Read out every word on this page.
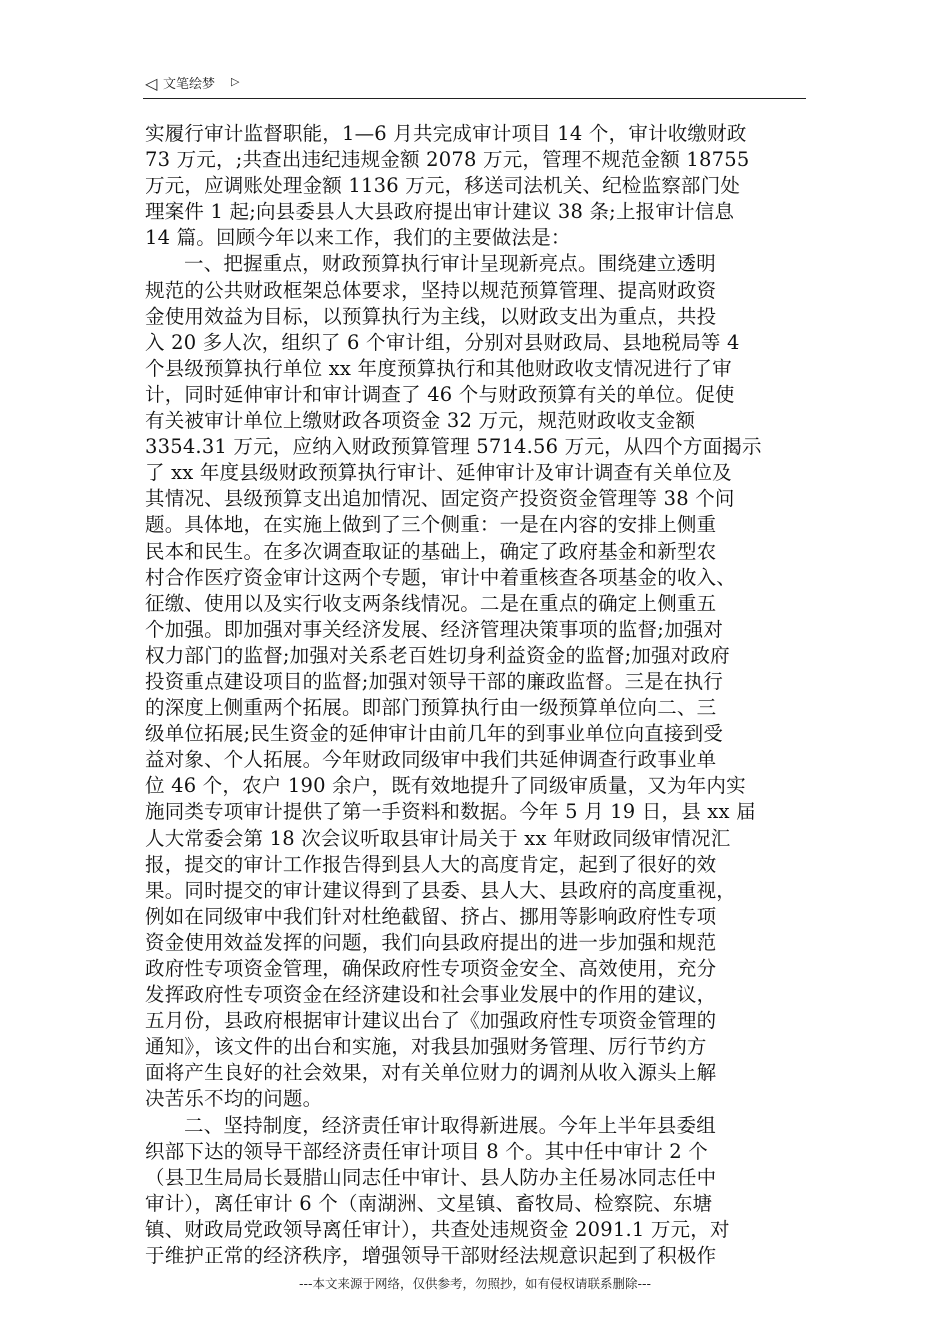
◁ 文笔绘梦 ▷

实履行审计监督职能，1—6 月共完成审计项目 14 个，审计收缴财政

73 万元，;共查出违纪违规金额 2078 万元，管理不规范金额 18755

万元，应调账处理金额 1136 万元，移送司法机关、纪检监察部门处

理案件 1 起;向县委县人大县政府提出审计建议 38 条;上报审计信息

14 篇。回顾今年以来工作，我们的主要做法是：

一、把握重点，财政预算执行审计呈现新亮点。围绕建立透明

规范的公共财政框架总体要求，坚持以规范预算管理、提高财政资

金使用效益为目标，以预算执行为主线，以财政支出为重点，共投

入 20 多人次，组织了 6 个审计组，分别对县财政局、县地税局等 4

个县级预算执行单位 xx 年度预算执行和其他财政收支情况进行了审

计，同时延伸审计和审计调查了 46 个与财政预算有关的单位。促使

有关被审计单位上缴财政各项资金 32 万元，规范财政收支金额

3354.31 万元，应纳入财政预算管理 5714.56 万元，从四个方面揭示

了 xx 年度县级财政预算执行审计、延伸审计及审计调查有关单位及

其情况、县级预算支出追加情况、固定资产投资资金管理等 38 个问

题。具体地，在实施上做到了三个侧重：一是在内容的安排上侧重

民本和民生。在多次调查取证的基础上，确定了政府基金和新型农

村合作医疗资金审计这两个专题，审计中着重核查各项基金的收入、

征缴、使用以及实行收支两条线情况。二是在重点的确定上侧重五

个加强。即加强对事关经济发展、经济管理决策事项的监督;加强对

权力部门的监督;加强对关系老百姓切身利益资金的监督;加强对政府

投资重点建设项目的监督;加强对领导干部的廉政监督。三是在执行

的深度上侧重两个拓展。即部门预算执行由一级预算单位向二、三

级单位拓展;民生资金的延伸审计由前几年的到事业单位向直接到受

益对象、个人拓展。今年财政同级审中我们共延伸调查行政事业单

位 46 个，农户 190 余户，既有效地提升了同级审质量，又为年内实

施同类专项审计提供了第一手资料和数据。今年 5 月 19 日，县 xx 届

人大常委会第 18 次会议听取县审计局关于 xx 年财政同级审情况汇

报，提交的审计工作报告得到县人大的高度肯定，起到了很好的效

果。同时提交的审计建议得到了县委、县人大、县政府的高度重视，

例如在同级审中我们针对杜绝截留、挤占、挪用等影响政府性专项

资金使用效益发挥的问题，我们向县政府提出的进一步加强和规范

政府性专项资金管理，确保政府性专项资金安全、高效使用，充分

发挥政府性专项资金在经济建设和社会事业发展中的作用的建议，

五月份，县政府根据审计建议出台了《加强政府性专项资金管理的

通知》，该文件的出台和实施，对我县加强财务管理、厉行节约方

面将产生良好的社会效果，对有关单位财力的调剂从收入源头上解

决苦乐不均的问题。

二、坚持制度，经济责任审计取得新进展。今年上半年县委组

织部下达的领导干部经济责任审计项目 8 个。其中任中审计 2 个

（县卫生局局长聂腊山同志任中审计、县人防办主任易冰同志任中

审计），离任审计 6 个（南湖洲、文星镇、畜牧局、检察院、东塘

镇、财政局党政领导离任审计），共查处违规资金 2091.1 万元，对

于维护正常的经济秩序，增强领导干部财经法规意识起到了积极作

---本文来源于网络，仅供参考，勿照抄，如有侵权请联系删除---
